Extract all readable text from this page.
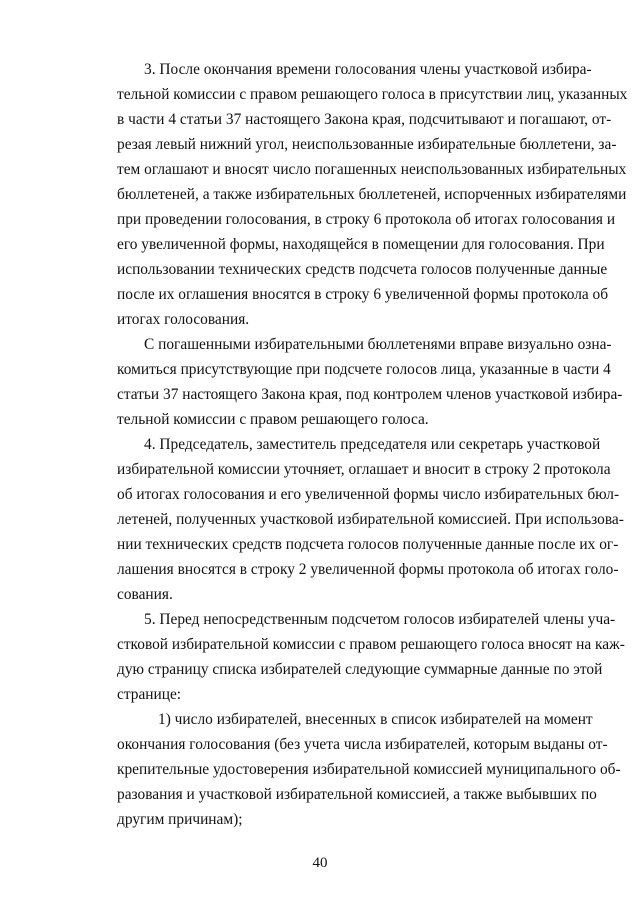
3. После окончания времени голосования члены участковой избира-
тельной комиссии с правом решающего голоса в присутствии лиц, указанных
в части 4 статьи 37 настоящего Закона края, подсчитывают и погашают, от-
резая левый нижний угол, неиспользованные избирательные бюллетени, за-
тем оглашают и вносят число погашенных неиспользованных избирательных
бюллетеней, а также избирательных бюллетеней, испорченных избирателями
при проведении голосования, в строку 6 протокола об итогах голосования и
его увеличенной формы, находящейся в помещении для голосования. При
использовании технических средств подсчета голосов полученные данные
после их оглашения вносятся в строку 6 увеличенной формы протокола об
итогах голосования.
С погашенными избирательными бюллетенями вправе визуально озна-
комиться присутствующие при подсчете голосов лица, указанные в части 4
статьи 37 настоящего Закона края, под контролем членов участковой избира-
тельной комиссии с правом решающего голоса.
4. Председатель, заместитель председателя или секретарь участковой
избирательной комиссии уточняет, оглашает и вносит в строку 2 протокола
об итогах голосования и его увеличенной формы число избирательных бюл-
летеней, полученных участковой избирательной комиссией. При использова-
нии технических средств подсчета голосов полученные данные после их ог-
лашения вносятся в строку 2 увеличенной формы протокола об итогах голо-
сования.
5. Перед непосредственным подсчетом голосов избирателей члены уча-
стковой избирательной комиссии с правом решающего голоса вносят на каж-
дую страницу списка избирателей следующие суммарные данные по этой
странице:
1) число избирателей, внесенных в список избирателей на момент
окончания голосования (без учета числа избирателей, которым выданы от-
крепительные удостоверения избирательной комиссией муниципального об-
разования и участковой избирательной комиссией, а также выбывших по
другим причинам);
40
